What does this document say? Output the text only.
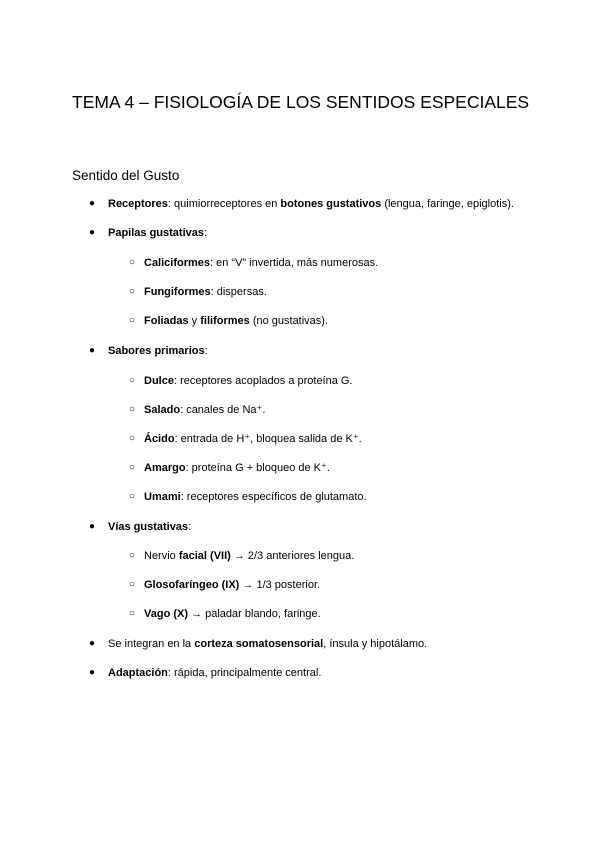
TEMA 4 – FISIOLOGÍA DE LOS SENTIDOS ESPECIALES
Sentido del Gusto
● Receptores: quimiorreceptores en botones gustativos (lengua, faringe, epiglotis).
● Papilas gustativas:
○ Caliciformes: en “V” invertida, más numerosas.
○ Fungiformes: dispersas.
○ Foliadas y filiformes (no gustativas).
● Sabores primarios:
○ Dulce: receptores acoplados a proteína G.
○ Salado: canales de Na⁺.
○ Ácido: entrada de H⁺, bloquea salida de K⁺.
○ Amargo: proteína G + bloqueo de K⁺.
○ Umami: receptores específicos de glutamato.
● Vías gustativas:
○ Nervio facial (VII) → 2/3 anteriores lengua.
○ Glosofaríngeo (IX) → 1/3 posterior.
○ Vago (X) → paladar blando, faringe.
● Se integran en la corteza somatosensorial, ínsula y hipotálamo.
● Adaptación: rápida, principalmente central.
